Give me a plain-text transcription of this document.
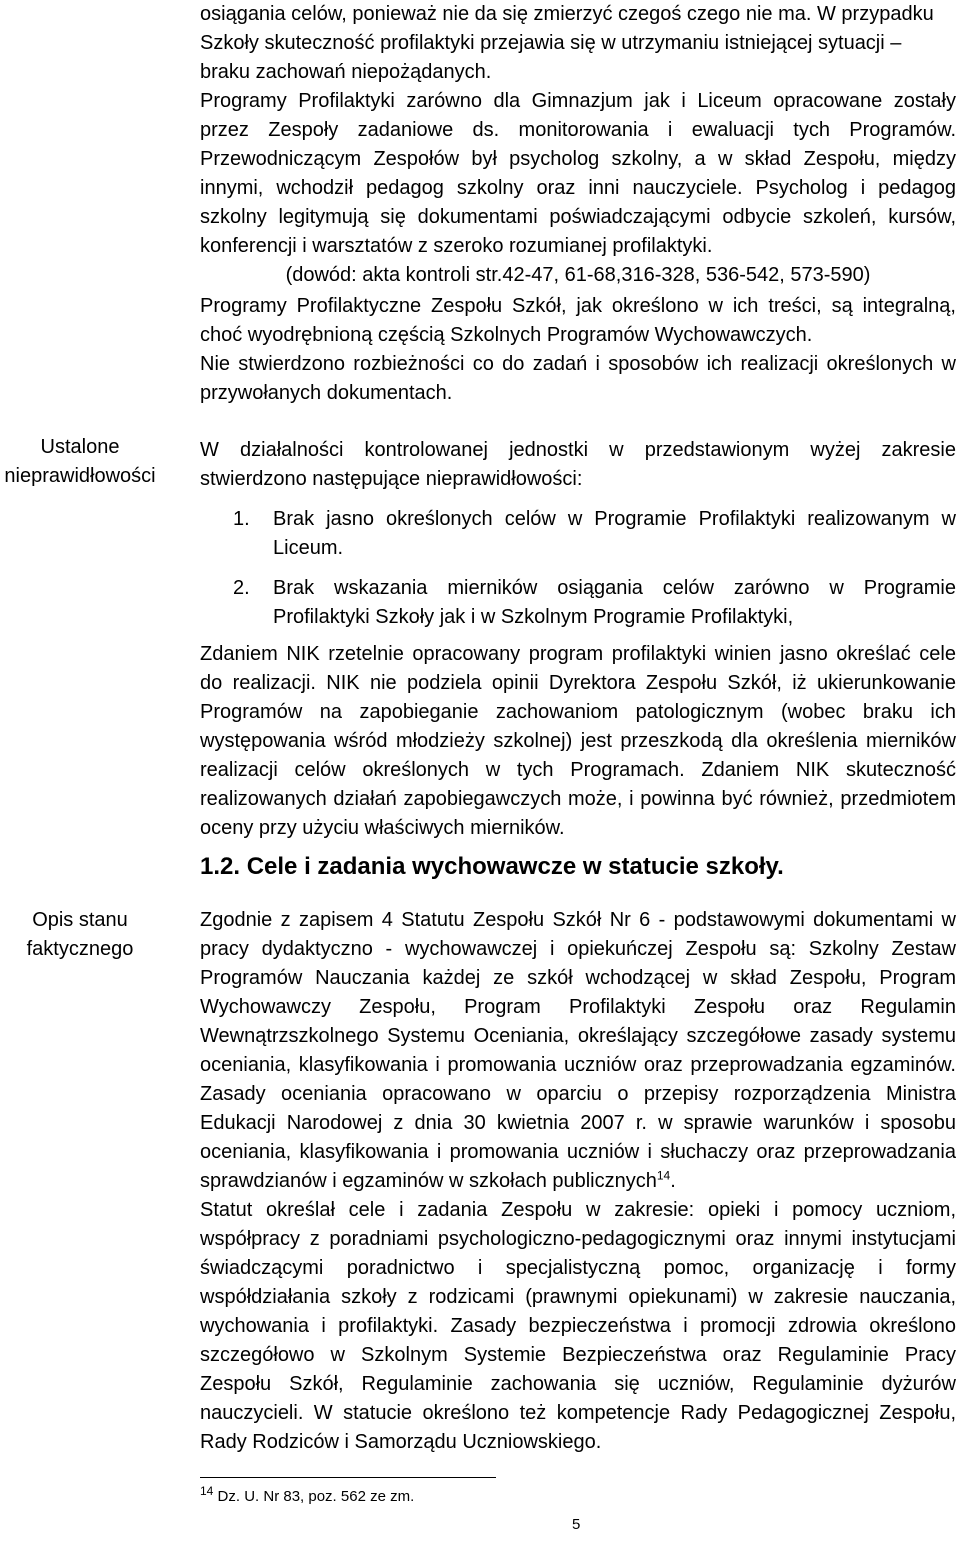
osiągania celów, ponieważ nie da się zmierzyć czegoś czego nie ma. W przypadku

Szkoły skuteczność profilaktyki przejawia się w utrzymaniu istniejącej sytuacji –

braku zachowań niepożądanych.

Programy Profilaktyki zarówno dla Gimnazjum jak i Liceum opracowane zostały przez Zespoły zadaniowe ds. monitorowania i ewaluacji tych Programów. Przewodniczącym Zespołów był psycholog szkolny, a w skład Zespołu, między innymi, wchodził pedagog szkolny oraz inni nauczyciele. Psycholog i pedagog szkolny legitymują się dokumentami poświadczającymi odbycie szkoleń, kursów, konferencji i warsztatów z szeroko rozumianej profilaktyki.

(dowód: akta kontroli str.42-47, 61-68,316-328, 536-542, 573-590)

Programy Profilaktyczne Zespołu Szkół, jak określono w ich treści, są integralną, choć wyodrębnioną częścią Szkolnych Programów Wychowawczych.

Nie stwierdzono rozbieżności co do zadań i sposobów ich realizacji określonych w przywołanych dokumentach.

Ustalone
nieprawidłowości

W działalności kontrolowanej jednostki w przedstawionym wyżej zakresie stwierdzono następujące nieprawidłowości:

1. Brak jasno określonych celów w Programie Profilaktyki realizowanym w Liceum.
2. Brak wskazania mierników osiągania celów zarówno w Programie Profilaktyki Szkoły jak i w Szkolnym Programie Profilaktyki,

Zdaniem NIK rzetelnie opracowany program profilaktyki winien jasno określać cele do realizacji. NIK nie podziela opinii Dyrektora Zespołu Szkół, iż ukierunkowanie Programów na zapobieganie zachowaniom patologicznym (wobec braku ich występowania wśród młodzieży szkolnej) jest przeszkodą dla określenia mierników realizacji celów określonych w tych Programach. Zdaniem NIK skuteczność realizowanych działań zapobiegawczych może, i powinna być również, przedmiotem oceny przy użyciu właściwych mierników.

1.2. Cele i zadania wychowawcze w statucie szkoły.
Opis stanu
faktycznego

Zgodnie z zapisem 4 Statutu Zespołu Szkół Nr 6 - podstawowymi dokumentami w pracy dydaktyczno - wychowawczej i opiekuńczej Zespołu są: Szkolny Zestaw Programów Nauczania każdej ze szkół wchodzącej w skład Zespołu, Program Wychowawczy Zespołu, Program Profilaktyki Zespołu oraz Regulamin Wewnątrzszkolnego Systemu Oceniania, określający szczegółowe zasady systemu oceniania, klasyfikowania i promowania uczniów oraz przeprowadzania egzaminów. Zasady oceniania opracowano w oparciu o przepisy rozporządzenia Ministra Edukacji Narodowej z dnia 30 kwietnia 2007 r. w sprawie warunków i sposobu oceniania, klasyfikowania i promowania uczniów i słuchaczy oraz przeprowadzania sprawdzianów i egzaminów w szkołach publicznych$^{14}$.

Statut określał cele i zadania Zespołu w zakresie: opieki i pomocy uczniom, współpracy z poradniami psychologiczno-pedagogicznymi oraz innymi instytucjami świadczącymi poradnictwo i specjalistyczną pomoc, organizację i formy współdziałania szkoły z rodzicami (prawnymi opiekunami) w zakresie nauczania, wychowania i profilaktyki. Zasady bezpieczeństwa i promocji zdrowia określono szczegółowo w Szkolnym Systemie Bezpieczeństwa oraz Regulaminie Pracy Zespołu Szkół, Regulaminie zachowania się uczniów, Regulaminie dyżurów nauczycieli. W statucie określono też kompetencje Rady Pedagogicznej Zespołu, Rady Rodziców i Samorządu Uczniowskiego.

$^{14}$ Dz. U. Nr 83, poz. 562 ze zm.
5
